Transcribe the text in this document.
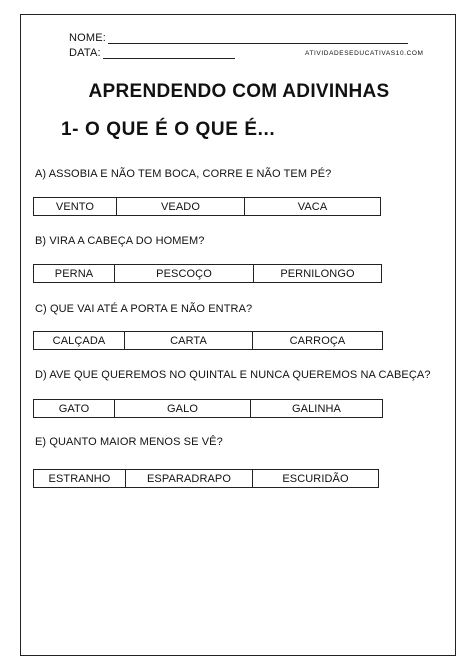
NOME:
DATA:	ATIVIDADESEDUCATIVAS10.COM
APRENDENDO COM ADIVINHAS
1- O QUE É O QUE É...
A) ASSOBIA E NÃO TEM BOCA, CORRE E NÃO TEM PÉ?
VENTO	VEADO	VACA
B) VIRA A CABEÇA DO HOMEM?
PERNA	PESCOÇO	PERNILONGO
C) QUE VAI ATÉ A PORTA E NÃO ENTRA?
CALÇADA	CARTA	CARROÇA
D) AVE QUE QUEREMOS NO QUINTAL E NUNCA QUEREMOS NA CABEÇA?
GATO	GALO	GALINHA
E) QUANTO MAIOR MENOS SE VÊ?
ESTRANHO	ESPARADRAPO	ESCURIDÃO
